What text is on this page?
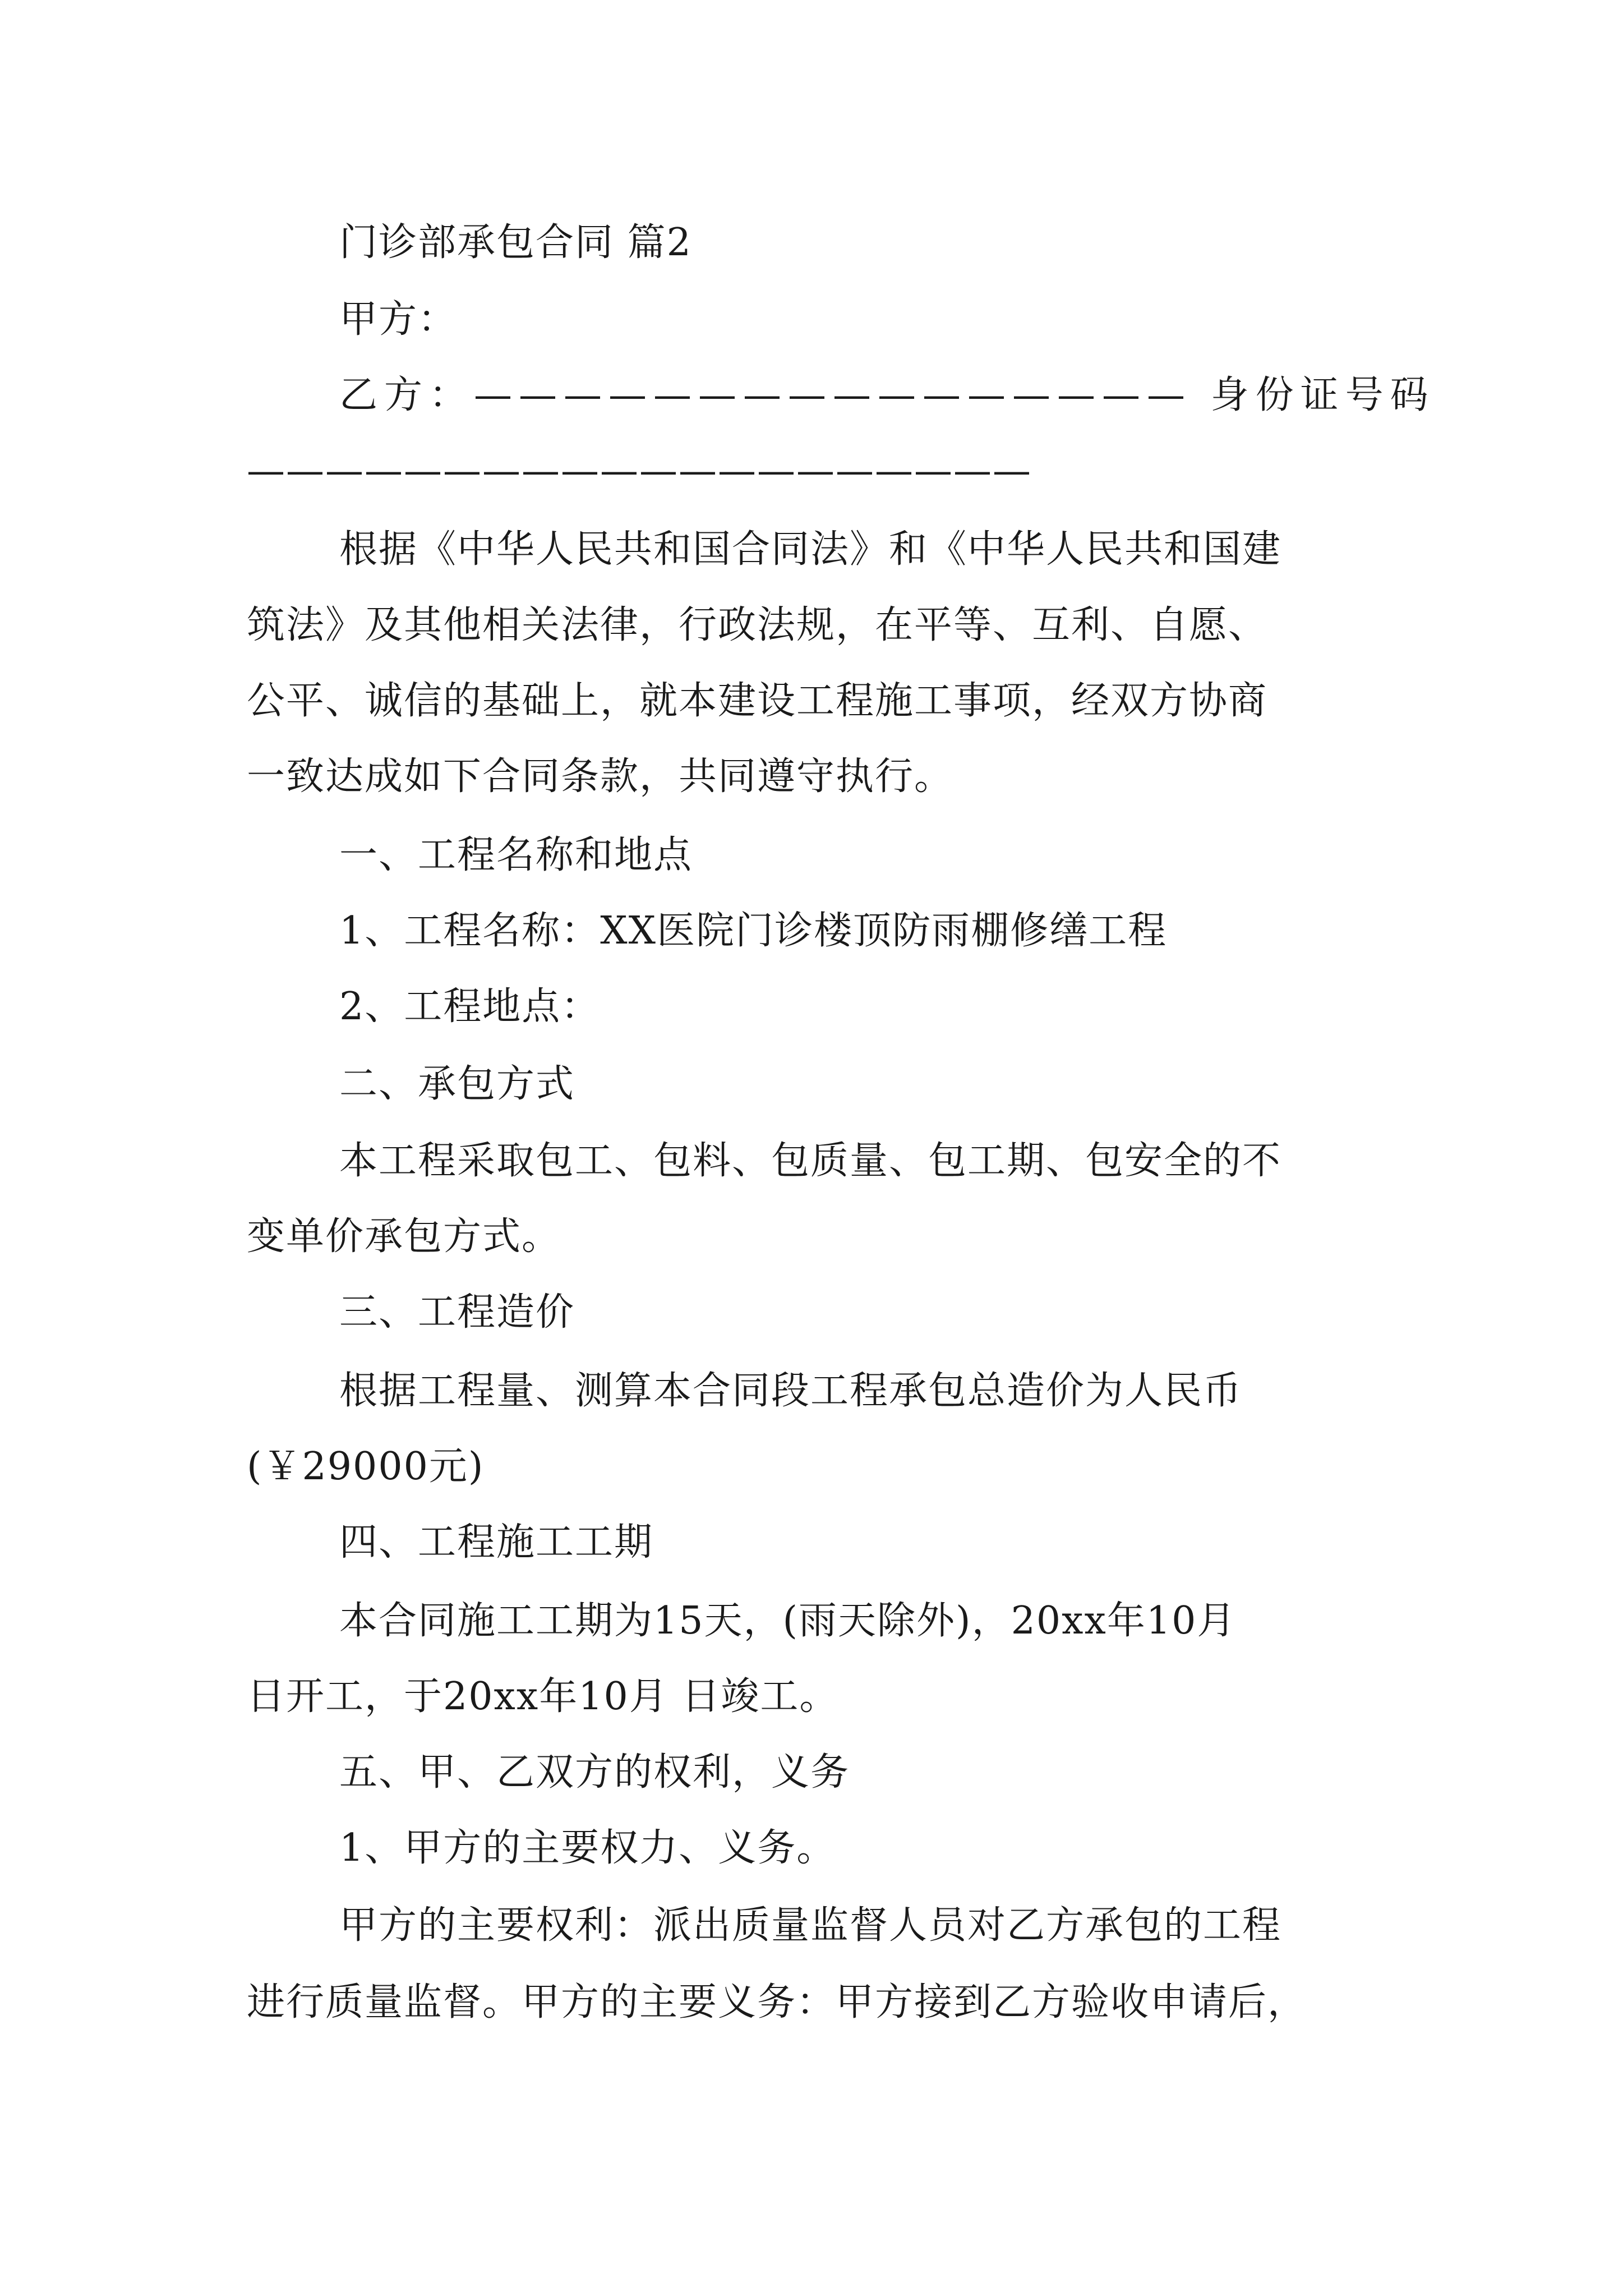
门诊部承包合同 篇2
甲方：
乙方：———————————————— 身份证号码
————————————————————
根据《中华人民共和国合同法》和《中华人民共和国建
筑法》及其他相关法律，行政法规，在平等、互利、自愿、
公平、诚信的基础上，就本建设工程施工事项，经双方协商
一致达成如下合同条款，共同遵守执行。
一、工程名称和地点
1、工程名称：XX医院门诊楼顶防雨棚修缮工程
2、工程地点：
二、承包方式
本工程采取包工、包料、包质量、包工期、包安全的不
变单价承包方式。
三、工程造价
根据工程量、测算本合同段工程承包总造价为人民币
(￥29000元)
四、工程施工工期
本合同施工工期为15天，(雨天除外)，20xx年10月
日开工，于20xx年10月 日竣工。
五、甲、乙双方的权利，义务
1、甲方的主要权力、义务。
甲方的主要权利：派出质量监督人员对乙方承包的工程
进行质量监督。甲方的主要义务：甲方接到乙方验收申请后，
